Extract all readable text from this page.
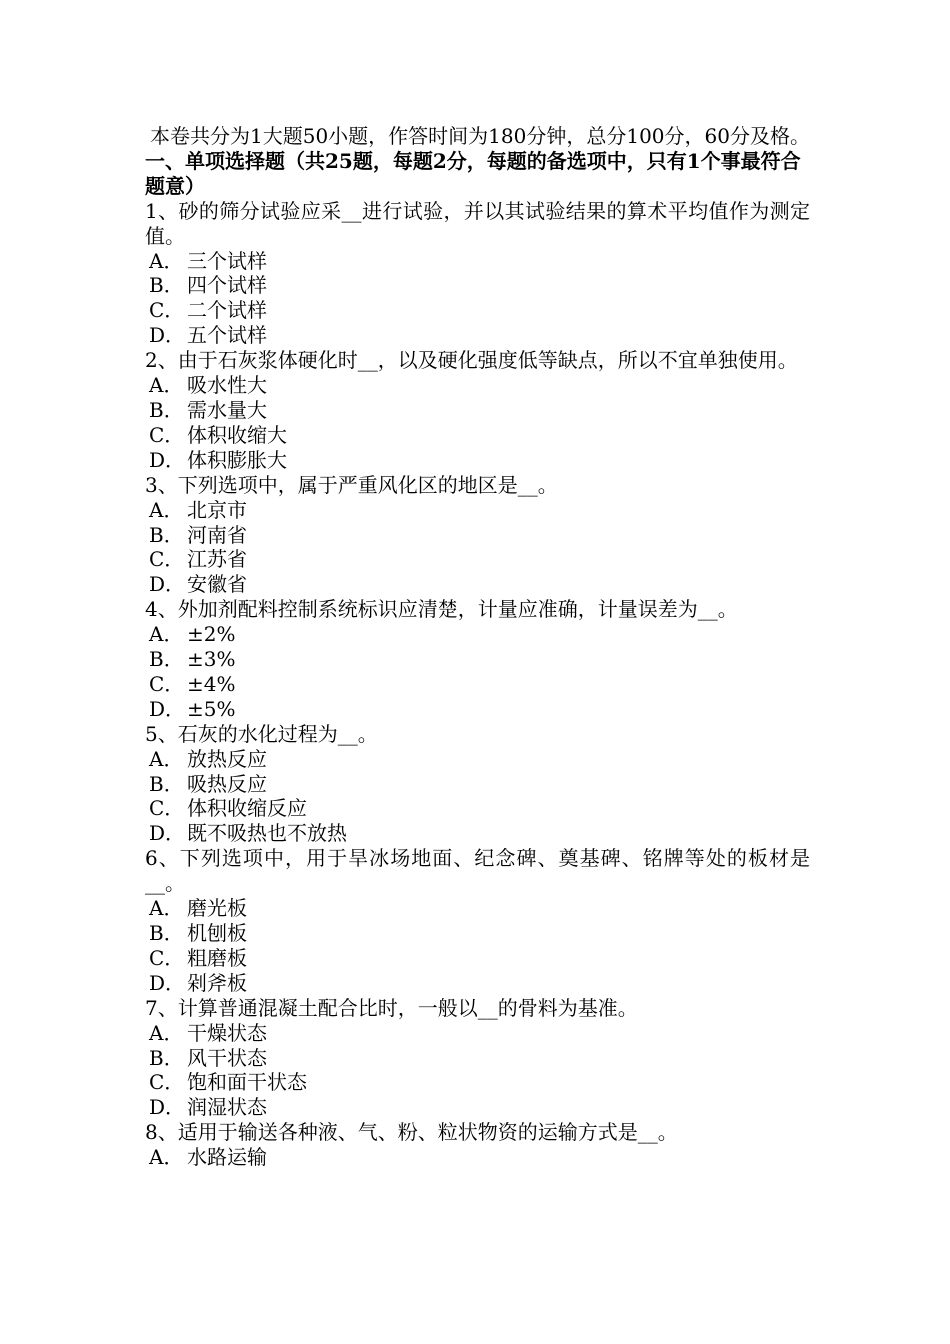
本卷共分为1大题50小题，作答时间为180分钟，总分100分，60分及格。

一、单项选择题（共25题，每题2分，每题的备选项中，只有1个事最符合题意）

1、砂的筛分试验应采__进行试验，并以其试验结果的算术平均值作为测定值。

A． 三个试样
B． 四个试样
C． 二个试样
D．五个试样

2、由于石灰浆体硬化时__，以及硬化强度低等缺点，所以不宜单独使用。

A． 吸水性大
B． 需水量大
C． 体积收缩大
D．体积膨胀大

3、下列选项中，属于严重风化区的地区是__。

A． 北京市
B． 河南省
C． 江苏省
D．安徽省

4、外加剂配料控制系统标识应清楚，计量应准确，计量误差为__。

A． ±2%
B． ±3%
C． ±4%
D．±5%

5、石灰的水化过程为__。

A． 放热反应
B． 吸热反应
C． 体积收缩反应
D．既不吸热也不放热

6、下列选项中，用于旱冰场地面、纪念碑、奠基碑、铭牌等处的板材是__。

A． 磨光板
B． 机刨板
C． 粗磨板
D．剁斧板

7、计算普通混凝土配合比时，一般以__的骨料为基准。

A． 干燥状态
B． 风干状态
C． 饱和面干状态
D．润湿状态

8、适用于输送各种液、气、粉、粒状物资的运输方式是__。

A． 水路运输
